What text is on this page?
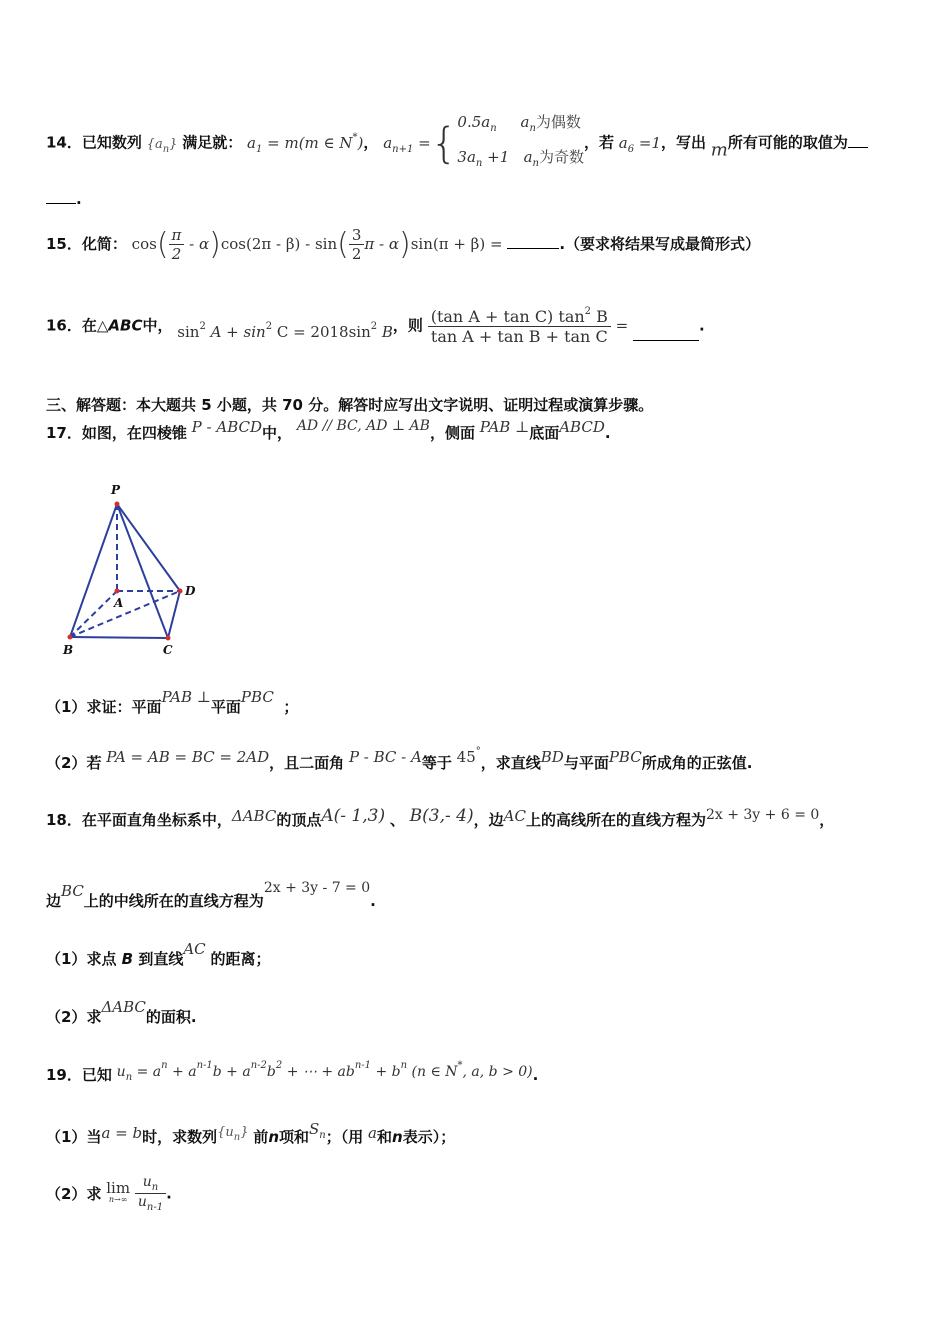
14．已知数列 $\{a_n\}$ 满足就： $a_1 = m(m$ ∈ N*)， $a_{n+1}$ ={ $0.5a_n$ $a_n$为偶数
$3a_n +1$ $a_n$为奇数
，若 $a_6 =1$，写出 m所有可能的取值为
.
15．化简： $\cos( \frac{\pi}{2} - \alpha)\cos(2\pi - \beta) - \sin( \frac{3}{2}$ π - α)sin(π + β) =	.（要求将结果写成最简形式）
16．在△ABC中， $\sin^2 A + \sin^2 C = 2018\sin^2$ B，则 $\frac{(\tan A + \tan C) \tan^2 B}{\text{tan A + tan B + tan C}}$ =	.
三、解答题：本大题共 5 小题，共 70 分。解答时应写出文字说明、证明过程或演算步骤。
17．如图，在四棱锥 P - ABCD中， AD // BC, AD ⊥ AB，侧面 PAB ⊥底面ABCD.
P
A
B	C
D
（1）求证：平面PAB ⊥平面PBC  ；
（2）若 PA = AB = BC = 2AD，且二面角 P - BC - A等于 45°，求直线BD与平面PBC所成角的正弦值.
18．在平面直角坐标系中，ΔABC的顶点A(- 1,3) 、 B(3,- 4)，边AC上的高线所在的直线方程为2x + 3y + 6 = 0，
边BC上的中线所在的直线方程为2x + 3y - 7 = 0.
（1）求点 B 到直线AC 的距离；
（2）求ΔABC的面积.
19．已知 $u_n = a^n + a^{n-1}b + a^{n-2}b^2$ + ⋯ + $ab^{n-1} + b^n$ (n ∈ N*, a, b > 0).
（1）当a = b时，求数列$\{u_n\}$ 前n项和$S_n$；（用 a和n表示）；
（2）求 lim
n→∞
$\frac{u_n}{u_{n-1}}$ .
